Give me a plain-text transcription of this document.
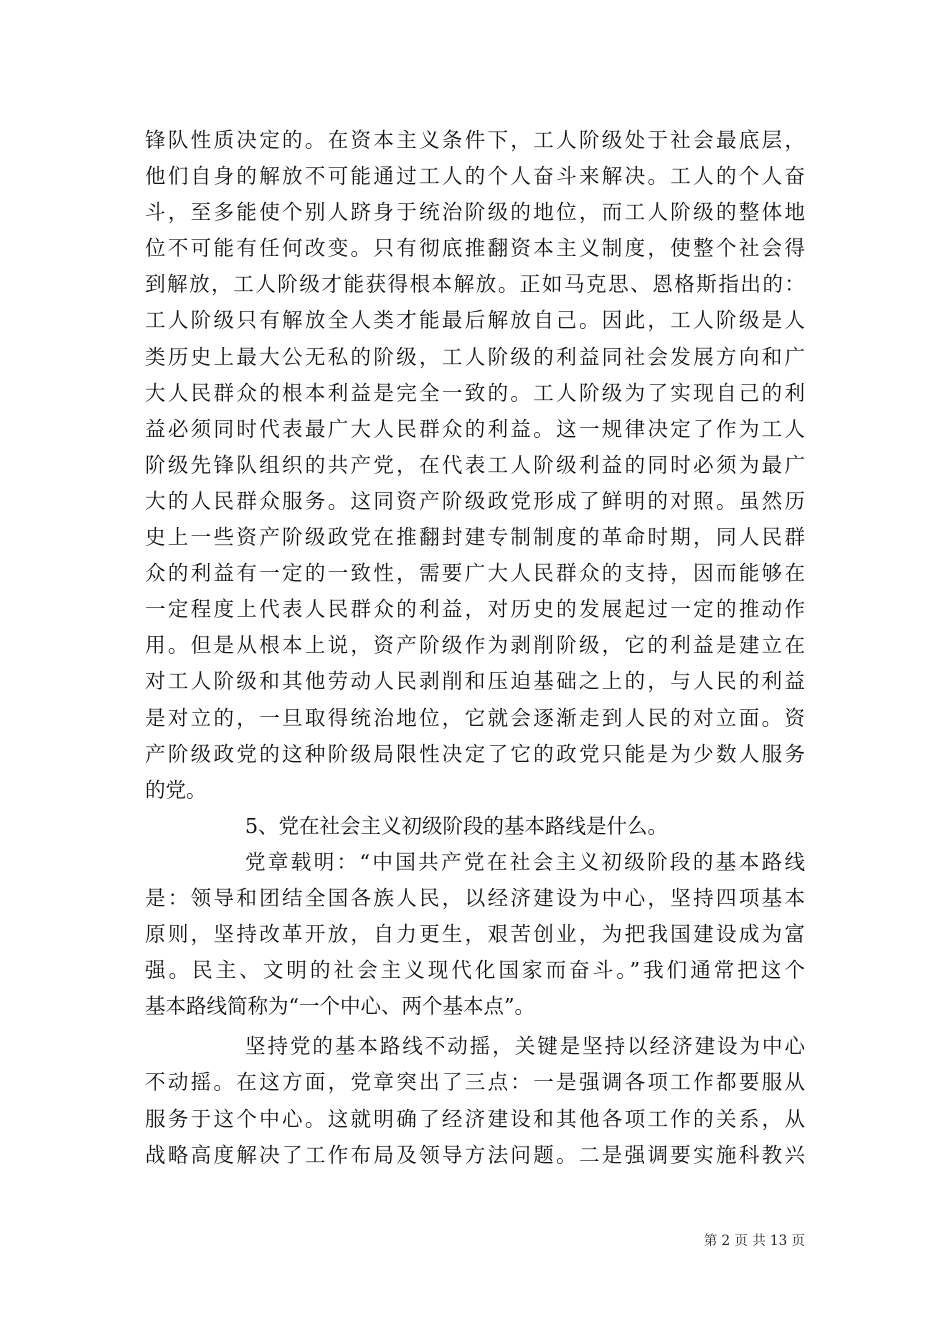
锋队性质决定的。在资本主义条件下，工人阶级处于社会最底层，
他们自身的解放不可能通过工人的个人奋斗来解决。工人的个人奋
斗，至多能使个别人跻身于统治阶级的地位，而工人阶级的整体地
位不可能有任何改变。只有彻底推翻资本主义制度，使整个社会得
到解放，工人阶级才能获得根本解放。正如马克思、恩格斯指出的：
工人阶级只有解放全人类才能最后解放自己。因此，工人阶级是人
类历史上最大公无私的阶级，工人阶级的利益同社会发展方向和广
大人民群众的根本利益是完全一致的。工人阶级为了实现自己的利
益必须同时代表最广大人民群众的利益。这一规律决定了作为工人
阶级先锋队组织的共产党，在代表工人阶级利益的同时必须为最广
大的人民群众服务。这同资产阶级政党形成了鲜明的对照。虽然历
史上一些资产阶级政党在推翻封建专制制度的革命时期，同人民群
众的利益有一定的一致性，需要广大人民群众的支持，因而能够在
一定程度上代表人民群众的利益，对历史的发展起过一定的推动作
用。但是从根本上说，资产阶级作为剥削阶级，它的利益是建立在
对工人阶级和其他劳动人民剥削和压迫基础之上的，与人民的利益
是对立的，一旦取得统治地位，它就会逐渐走到人民的对立面。资
产阶级政党的这种阶级局限性决定了它的政党只能是为少数人服务
的党。
5、党在社会主义初级阶段的基本路线是什么。
党章载明：“中国共产党在社会主义初级阶段的基本路线
是：领导和团结全国各族人民，以经济建设为中心，坚持四项基本
原则，坚持改革开放，自力更生，艰苦创业，为把我国建设成为富
强。民主、文明的社会主义现代化国家而奋斗。”我们通常把这个
基本路线简称为“一个中心、两个基本点”。
坚持党的基本路线不动摇，关键是坚持以经济建设为中心
不动摇。在这方面，党章突出了三点：一是强调各项工作都要服从
服务于这个中心。这就明确了经济建设和其他各项工作的关系，从
战略高度解决了工作布局及领导方法问题。二是强调要实施科教兴
第 2 页 共 13 页
